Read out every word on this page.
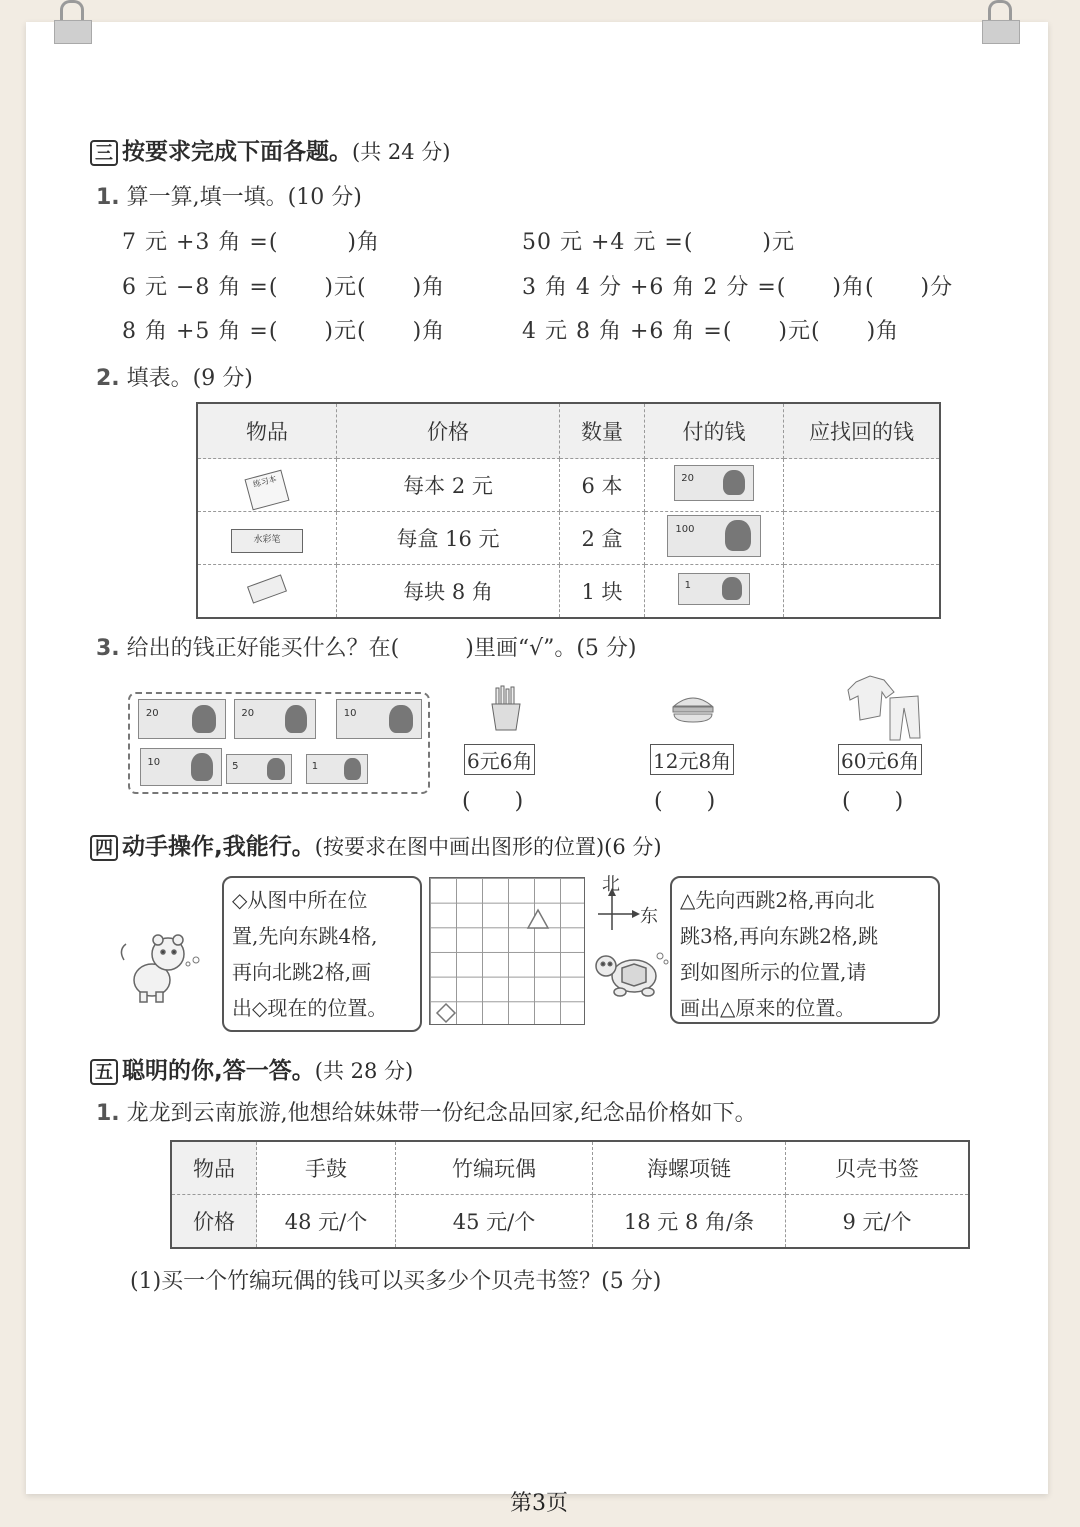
三 按要求完成下面各题。(共 24 分)
1. 算一算,填一填。(10 分)
7 元 +3 角 =(　　　)角	50 元 +4 元 =(　　　)元
6 元 −8 角 =(　　)元(　　)角	3 角 4 分 +6 角 2 分 =(　　)角(　　)分
8 角 +5 角 =(　　)元(　　)角	4 元 8 角 +6 角 =(　　)元(　　)角
2. 填表。(9 分)
物品	价格	数量	付的钱	应找回的钱
练习本	每本 2 元	6 本	20	

水彩笔	每盒 16 元	2 盒	100	

	每块 8 角	1 块	1	

3. 给出的钱正好能买什么？在(　　　)里画“√”。(5 分)
20	20	10
10	5	1	6元6角
(　　)
12元8角
(　　)
60元6角
(　　)
四 动手操作,我能行。(按要求在图中画出图形的位置)(6 分)
◇从图中所在位
置,先向东跳4格,
再向北跳2格,画
出◇现在的位置。
北
东
△先向西跳2格,再向北
跳3格,再向东跳2格,跳
到如图所示的位置,请
画出△原来的位置。
五 聪明的你,答一答。(共 28 分)
1. 龙龙到云南旅游,他想给妹妹带一份纪念品回家,纪念品价格如下。
物品	手鼓	竹编玩偶	海螺项链	贝壳书签
价格	48 元/个	45 元/个	18 元 8 角/条	9 元/个
(1)买一个竹编玩偶的钱可以买多少个贝壳书签？(5 分)
第3页
